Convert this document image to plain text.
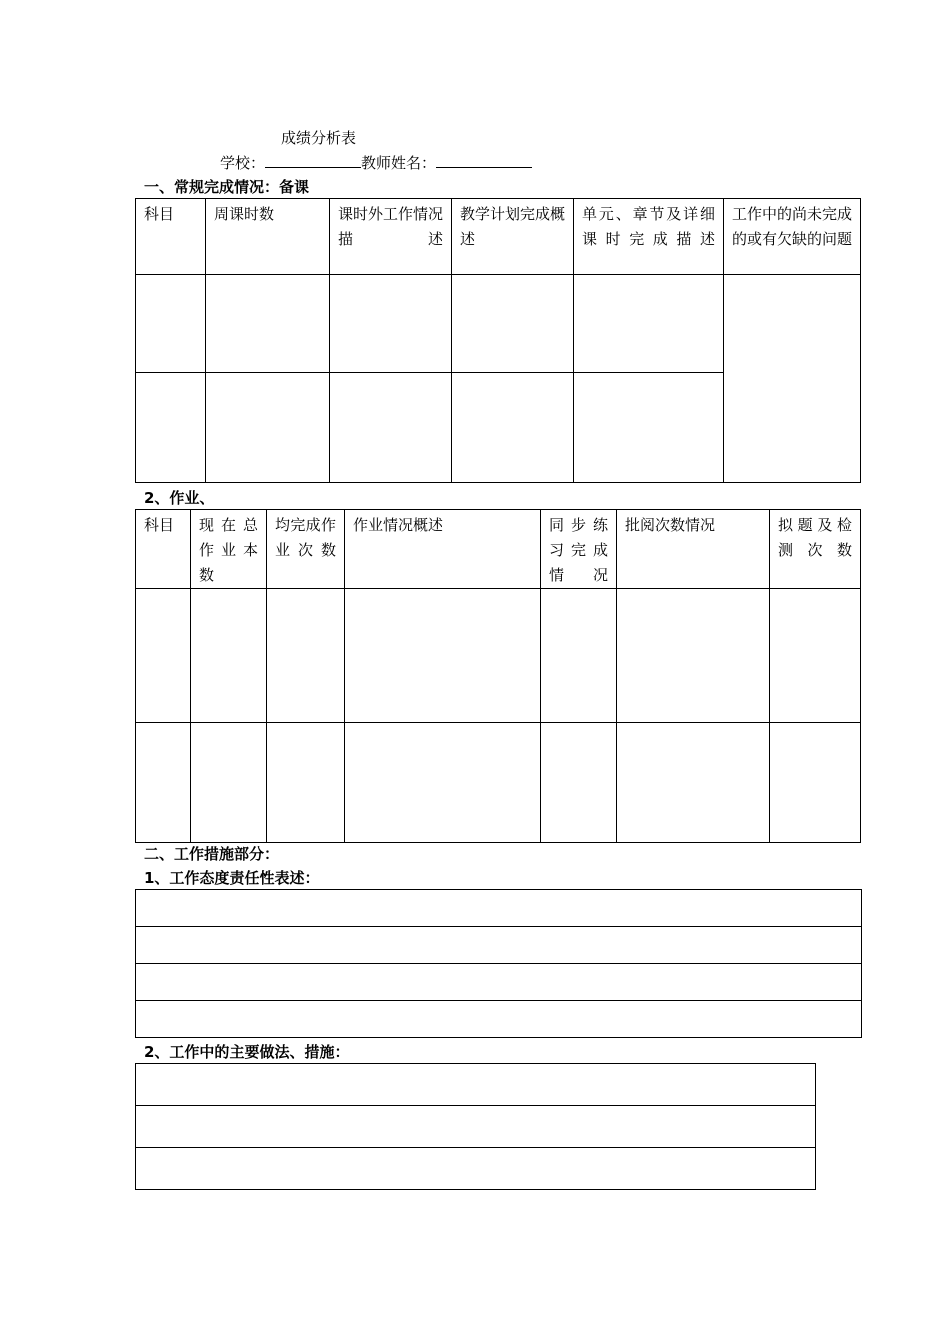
成绩分析表
学校：	教师姓名：
一、常规完成情况：备课
科目	周课时数	课时外工作情况描述	教学计划完成概述	单元、章节及详细课时完成描述	工作中的尚未完成的或有欠缺的问题

2、作业、
科目	现在总作业本数	均完成作业次数	作业情况概述	同步练习完成情况	批阅次数情况	拟题及检测次数

二、工作措施部分：
1、工作态度责任性表述：

2、工作中的主要做法、措施：
